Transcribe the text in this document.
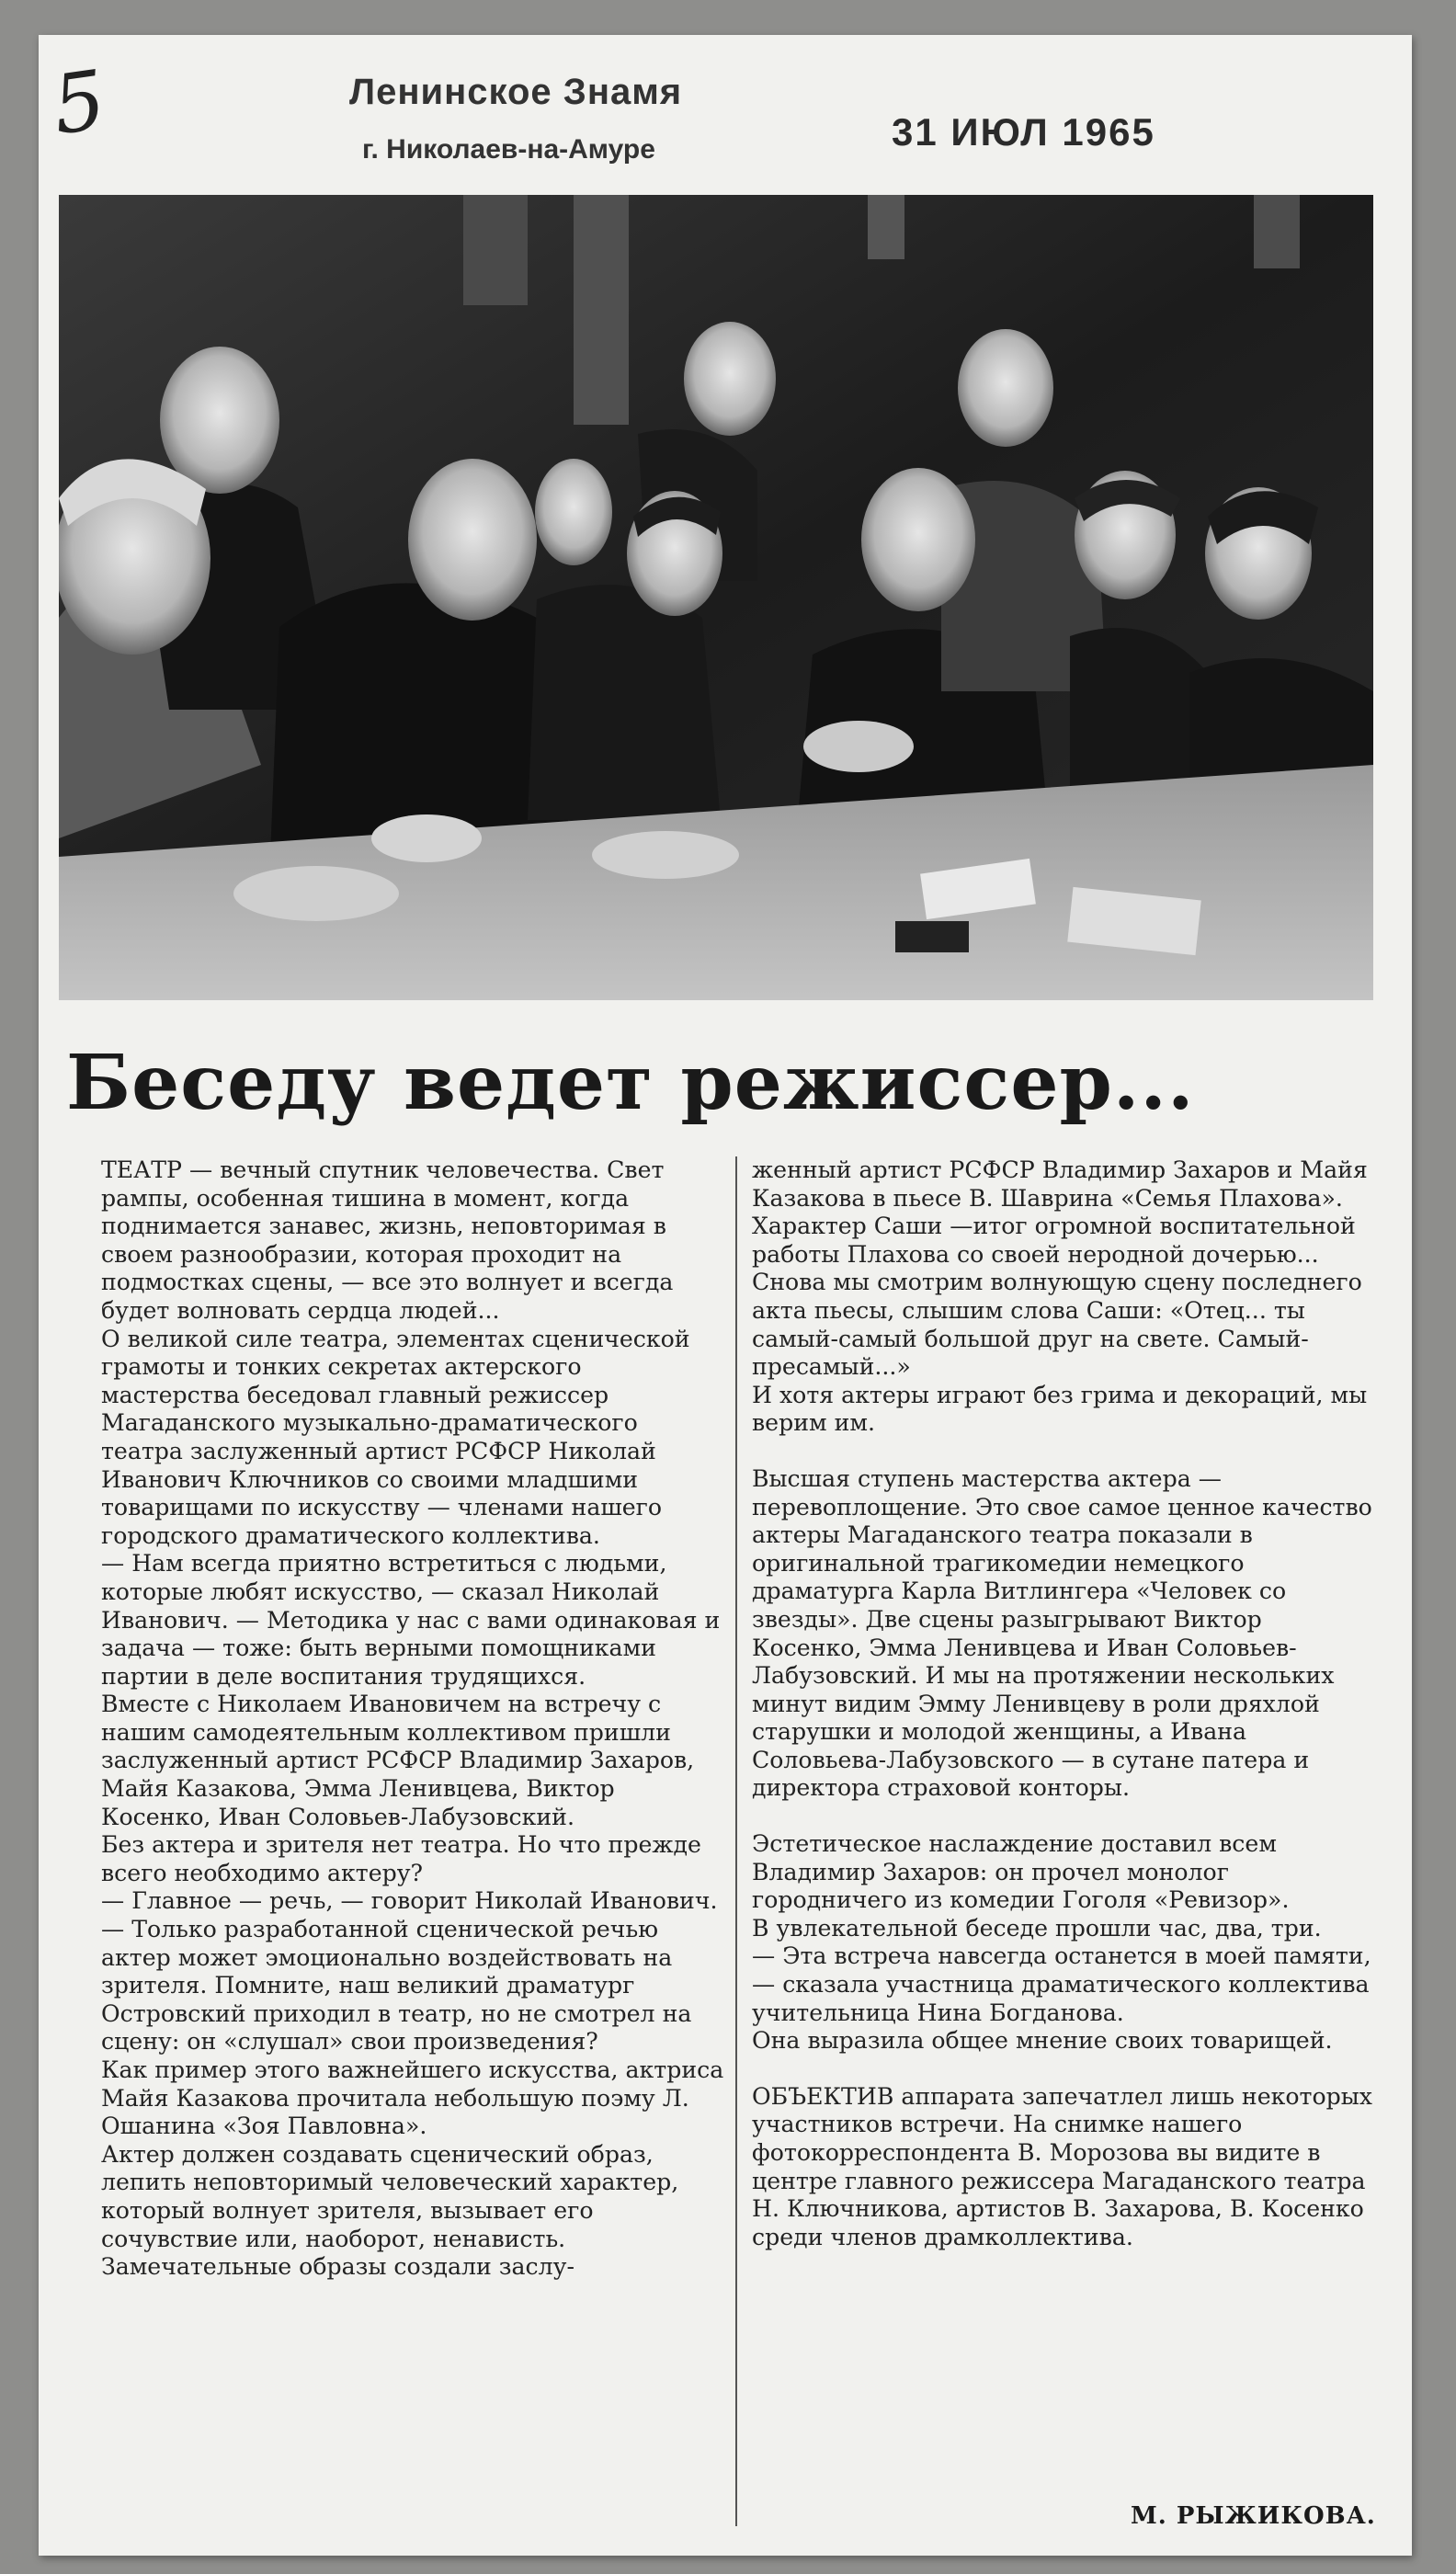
5	Ленинское Знамя
г. Николаев-на-Амуре	31 ИЮЛ 1965
Беседу ведет режиссер...

ТЕАТР — вечный спутник человечества. Свет рампы, особенная тишина в момент, когда поднимается занавес, жизнь, неповторимая в своем разнообразии, которая проходит на подмостках сцены, — все это волнует и всегда будет волновать сердца людей...

О великой силе театра, элементах сценической грамоты и тонких секретах актерского мастерства беседовал главный режиссер Магаданского музыкально-драматического театра заслуженный артист РСФСР Николай Иванович Ключников со своими младшими товарищами по искусству — членами нашего городского драматического коллектива.

— Нам всегда приятно встретиться с людьми, которые любят искусство, — сказал Николай Иванович. — Методика у нас с вами одинаковая и задача — тоже: быть верными помощниками партии в деле воспитания трудящихся.

Вместе с Николаем Ивановичем на встречу с нашим самодеятельным коллективом пришли заслуженный артист РСФСР Владимир Захаров, Майя Казакова, Эмма Ленивцева, Виктор Косенко, Иван Соловьев-Лабузовский.

Без актера и зрителя нет театра. Но что прежде всего необходимо актеру?

— Главное — речь, — говорит Николай Иванович. — Только разработанной сценической речью актер может эмоционально воздействовать на зрителя. Помните, наш великий драматург Островский приходил в театр, но не смотрел на сцену: он «слушал» свои произведения?

Как пример этого важнейшего искусства, актриса Майя Казакова прочитала небольшую поэму Л. Ошанина «Зоя Павловна».

Актер должен создавать сценический образ, лепить неповторимый человеческий характер, который волнует зрителя, вызывает его сочувствие или, наоборот, ненависть.

Замечательные образы создали заслу-

женный артист РСФСР Владимир Захаров и Майя Казакова в пьесе В. Шаврина «Семья Плахова». Характер Саши —итог огромной воспитательной работы Плахова со своей неродной дочерью...

Снова мы смотрим волнующую сцену последнего акта пьесы, слышим слова Саши: «Отец... ты самый-самый большой друг на свете. Самый-пресамый...»

И хотя актеры играют без грима и декораций, мы верим им.

Высшая ступень мастерства актера — перевоплощение. Это свое самое ценное качество актеры Магаданского театра показали в оригинальной трагикомедии немецкого драматурга Карла Витлингера «Человек со звезды». Две сцены разыгрывают Виктор Косенко, Эмма Ленивцева и Иван Соловьев-Лабузовский. И мы на протяжении нескольких минут видим Эмму Ленивцеву в роли дряхлой старушки и молодой женщины, а Ивана Соловьева-Лабузовского — в сутане патера и директора страховой конторы.

Эстетическое наслаждение доставил всем Владимир Захаров: он прочел монолог городничего из комедии Гоголя «Ревизор».

В увлекательной беседе прошли час, два, три.

— Эта встреча навсегда останется в моей памяти, — сказала участница драматического коллектива учительница Нина Богданова.

Она выразила общее мнение своих товарищей.

ОБЪЕКТИВ аппарата запечатлел лишь некоторых участников встречи. На снимке нашего фотокорреспондента В. Морозова вы видите в центре главного режиссера Магаданского театра Н. Ключникова, артистов В. Захарова, В. Косенко среди членов драмколлектива.

М. РЫЖИКОВА.
